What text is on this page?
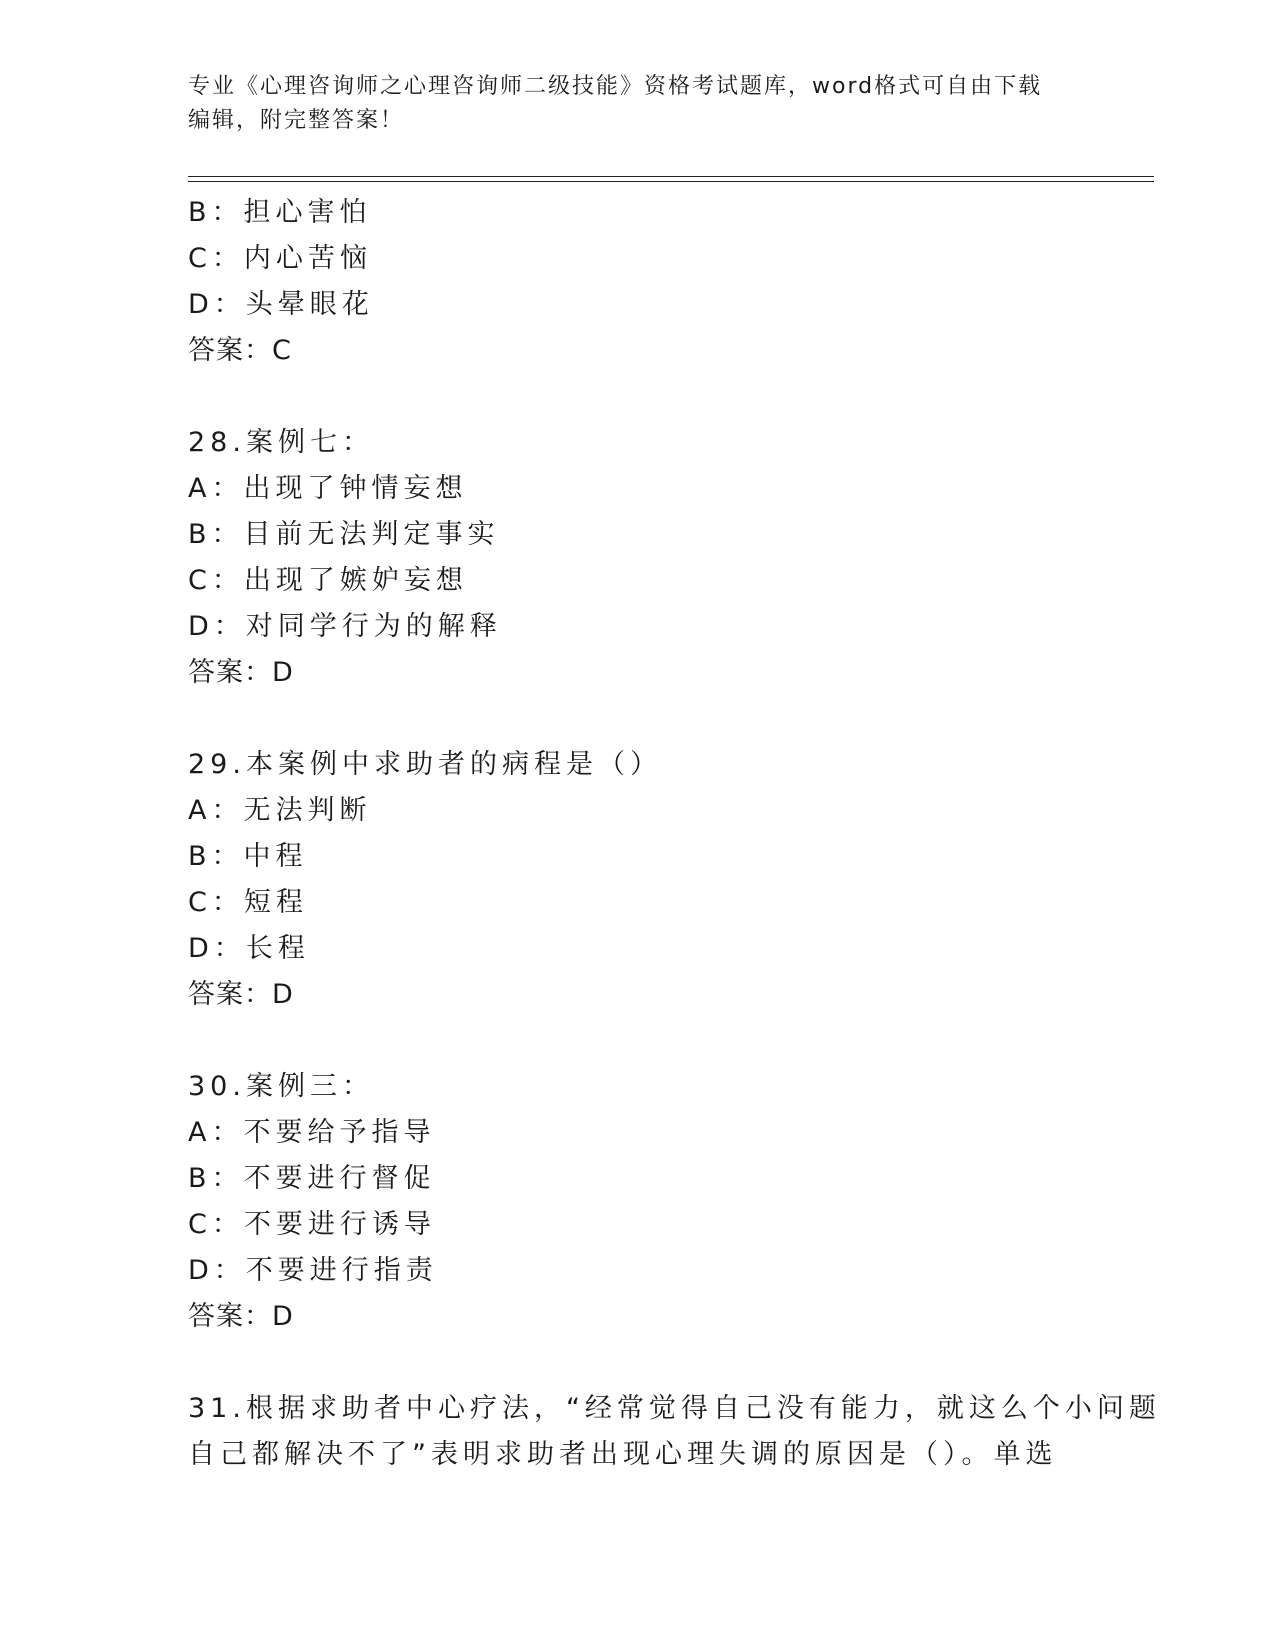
专业《心理咨询师之心理咨询师二级技能》资格考试题库，word格式可自由下载
编辑，附完整答案！
B：担心害怕
C：内心苦恼
D：头晕眼花
答案：C
28.案例七：
A：出现了钟情妄想
B：目前无法判定事实
C：出现了嫉妒妄想
D：对同学行为的解释
答案：D
29.本案例中求助者的病程是（）
A：无法判断
B：中程
C：短程
D：长程
答案：D
30.案例三：
A：不要给予指导
B：不要进行督促
C：不要进行诱导
D：不要进行指责
答案：D
31.根据求助者中心疗法，“经常觉得自己没有能力，就这么个小问题
自己都解决不了”表明求助者出现心理失调的原因是（）。单选
